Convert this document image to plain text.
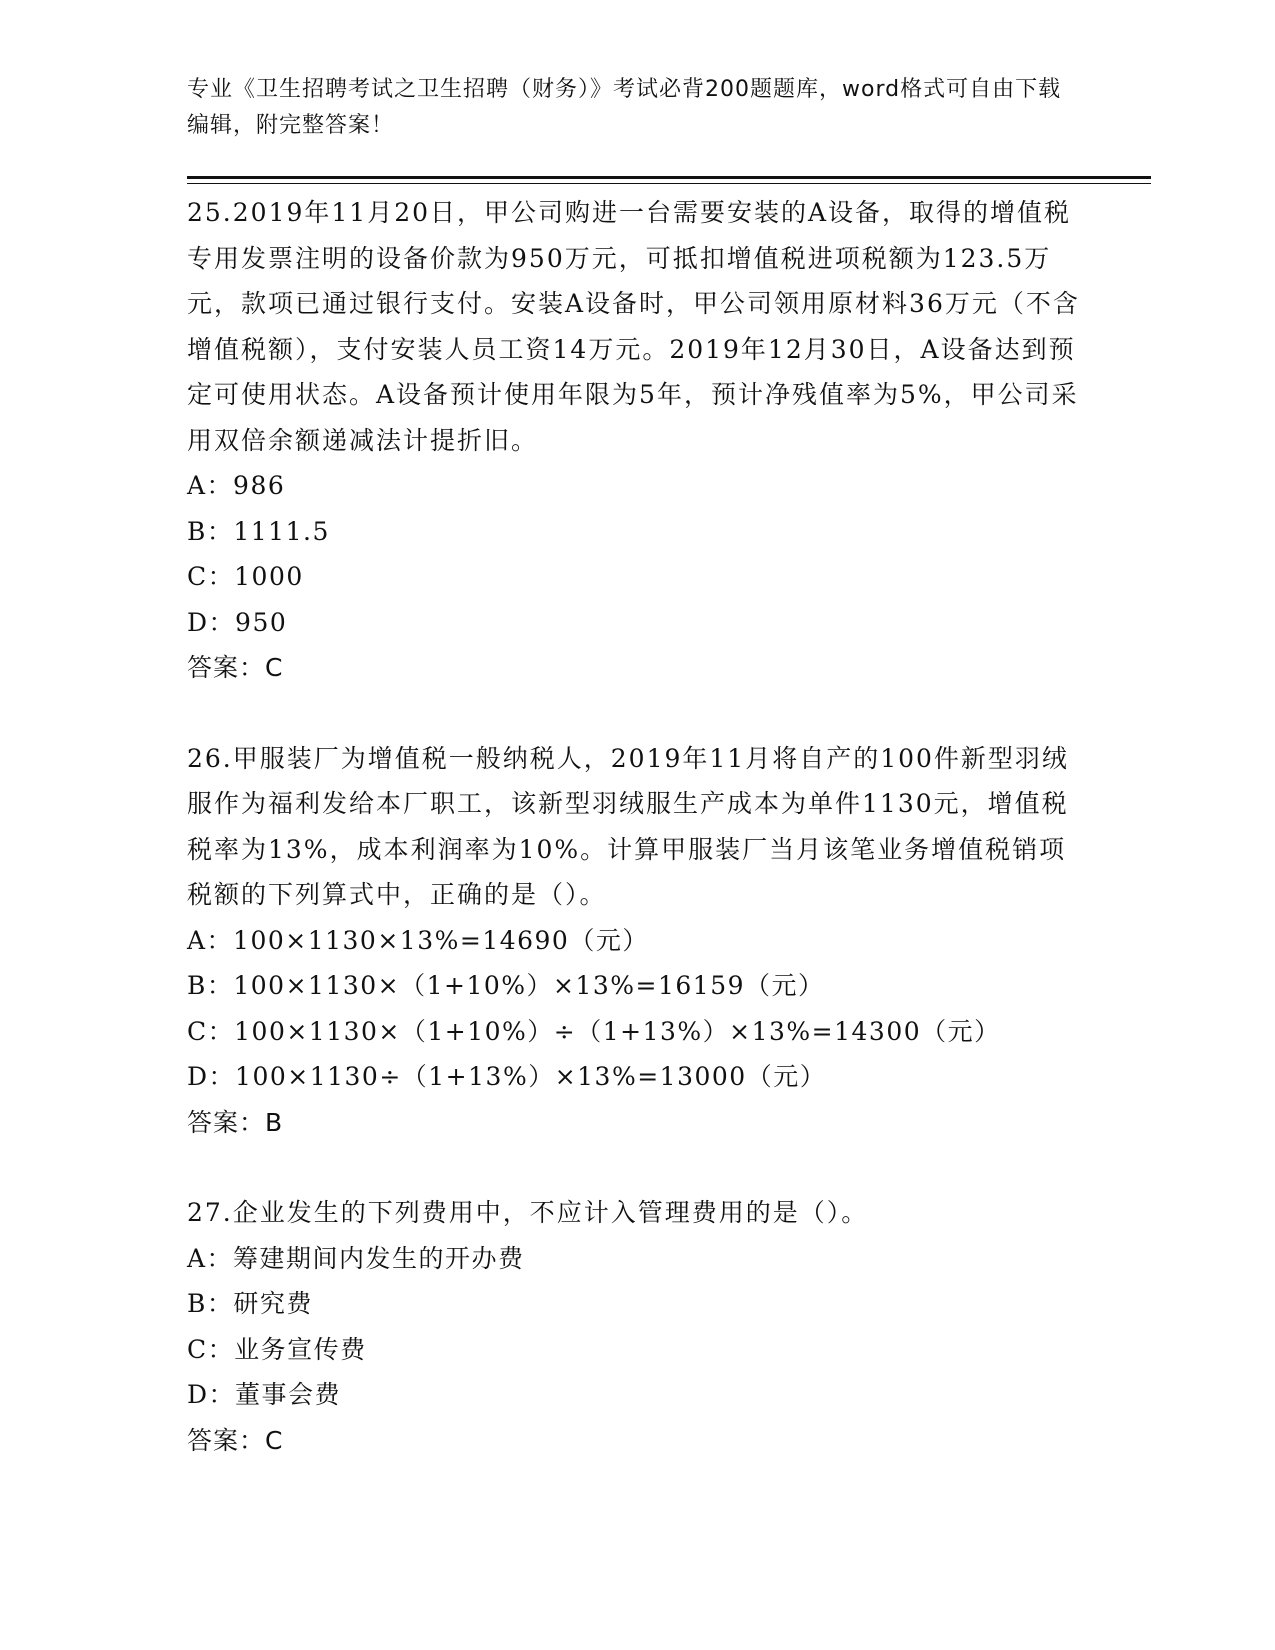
专业《卫生招聘考试之卫生招聘（财务）》考试必背200题题库，word格式可自由下载编辑，附完整答案！

25.2019年11月20日，甲公司购进一台需要安装的A设备，取得的增值税专用发票注明的设备价款为950万元，可抵扣增值税进项税额为123.5万元，款项已通过银行支付。安装A设备时，甲公司领用原材料36万元（不含增值税额），支付安装人员工资14万元。2019年12月30日，A设备达到预定可使用状态。A设备预计使用年限为5年，预计净残值率为5%，甲公司采用双倍余额递减法计提折旧。

A：986

B：1111.5

C：1000

D：950

答案：C

26.甲服装厂为增值税一般纳税人，2019年11月将自产的100件新型羽绒服作为福利发给本厂职工，该新型羽绒服生产成本为单件1130元，增值税税率为13%，成本利润率为10%。计算甲服装厂当月该笔业务增值税销项税额的下列算式中，正确的是（）。

A：100×1130×13%=14690（元）

B：100×1130×（1+10%）×13%=16159（元）

C：100×1130×（1+10%）÷（1+13%）×13%=14300（元）

D：100×1130÷（1+13%）×13%=13000（元）

答案：B

27.企业发生的下列费用中，不应计入管理费用的是（）。

A：筹建期间内发生的开办费

B：研究费

C：业务宣传费

D：董事会费

答案：C
